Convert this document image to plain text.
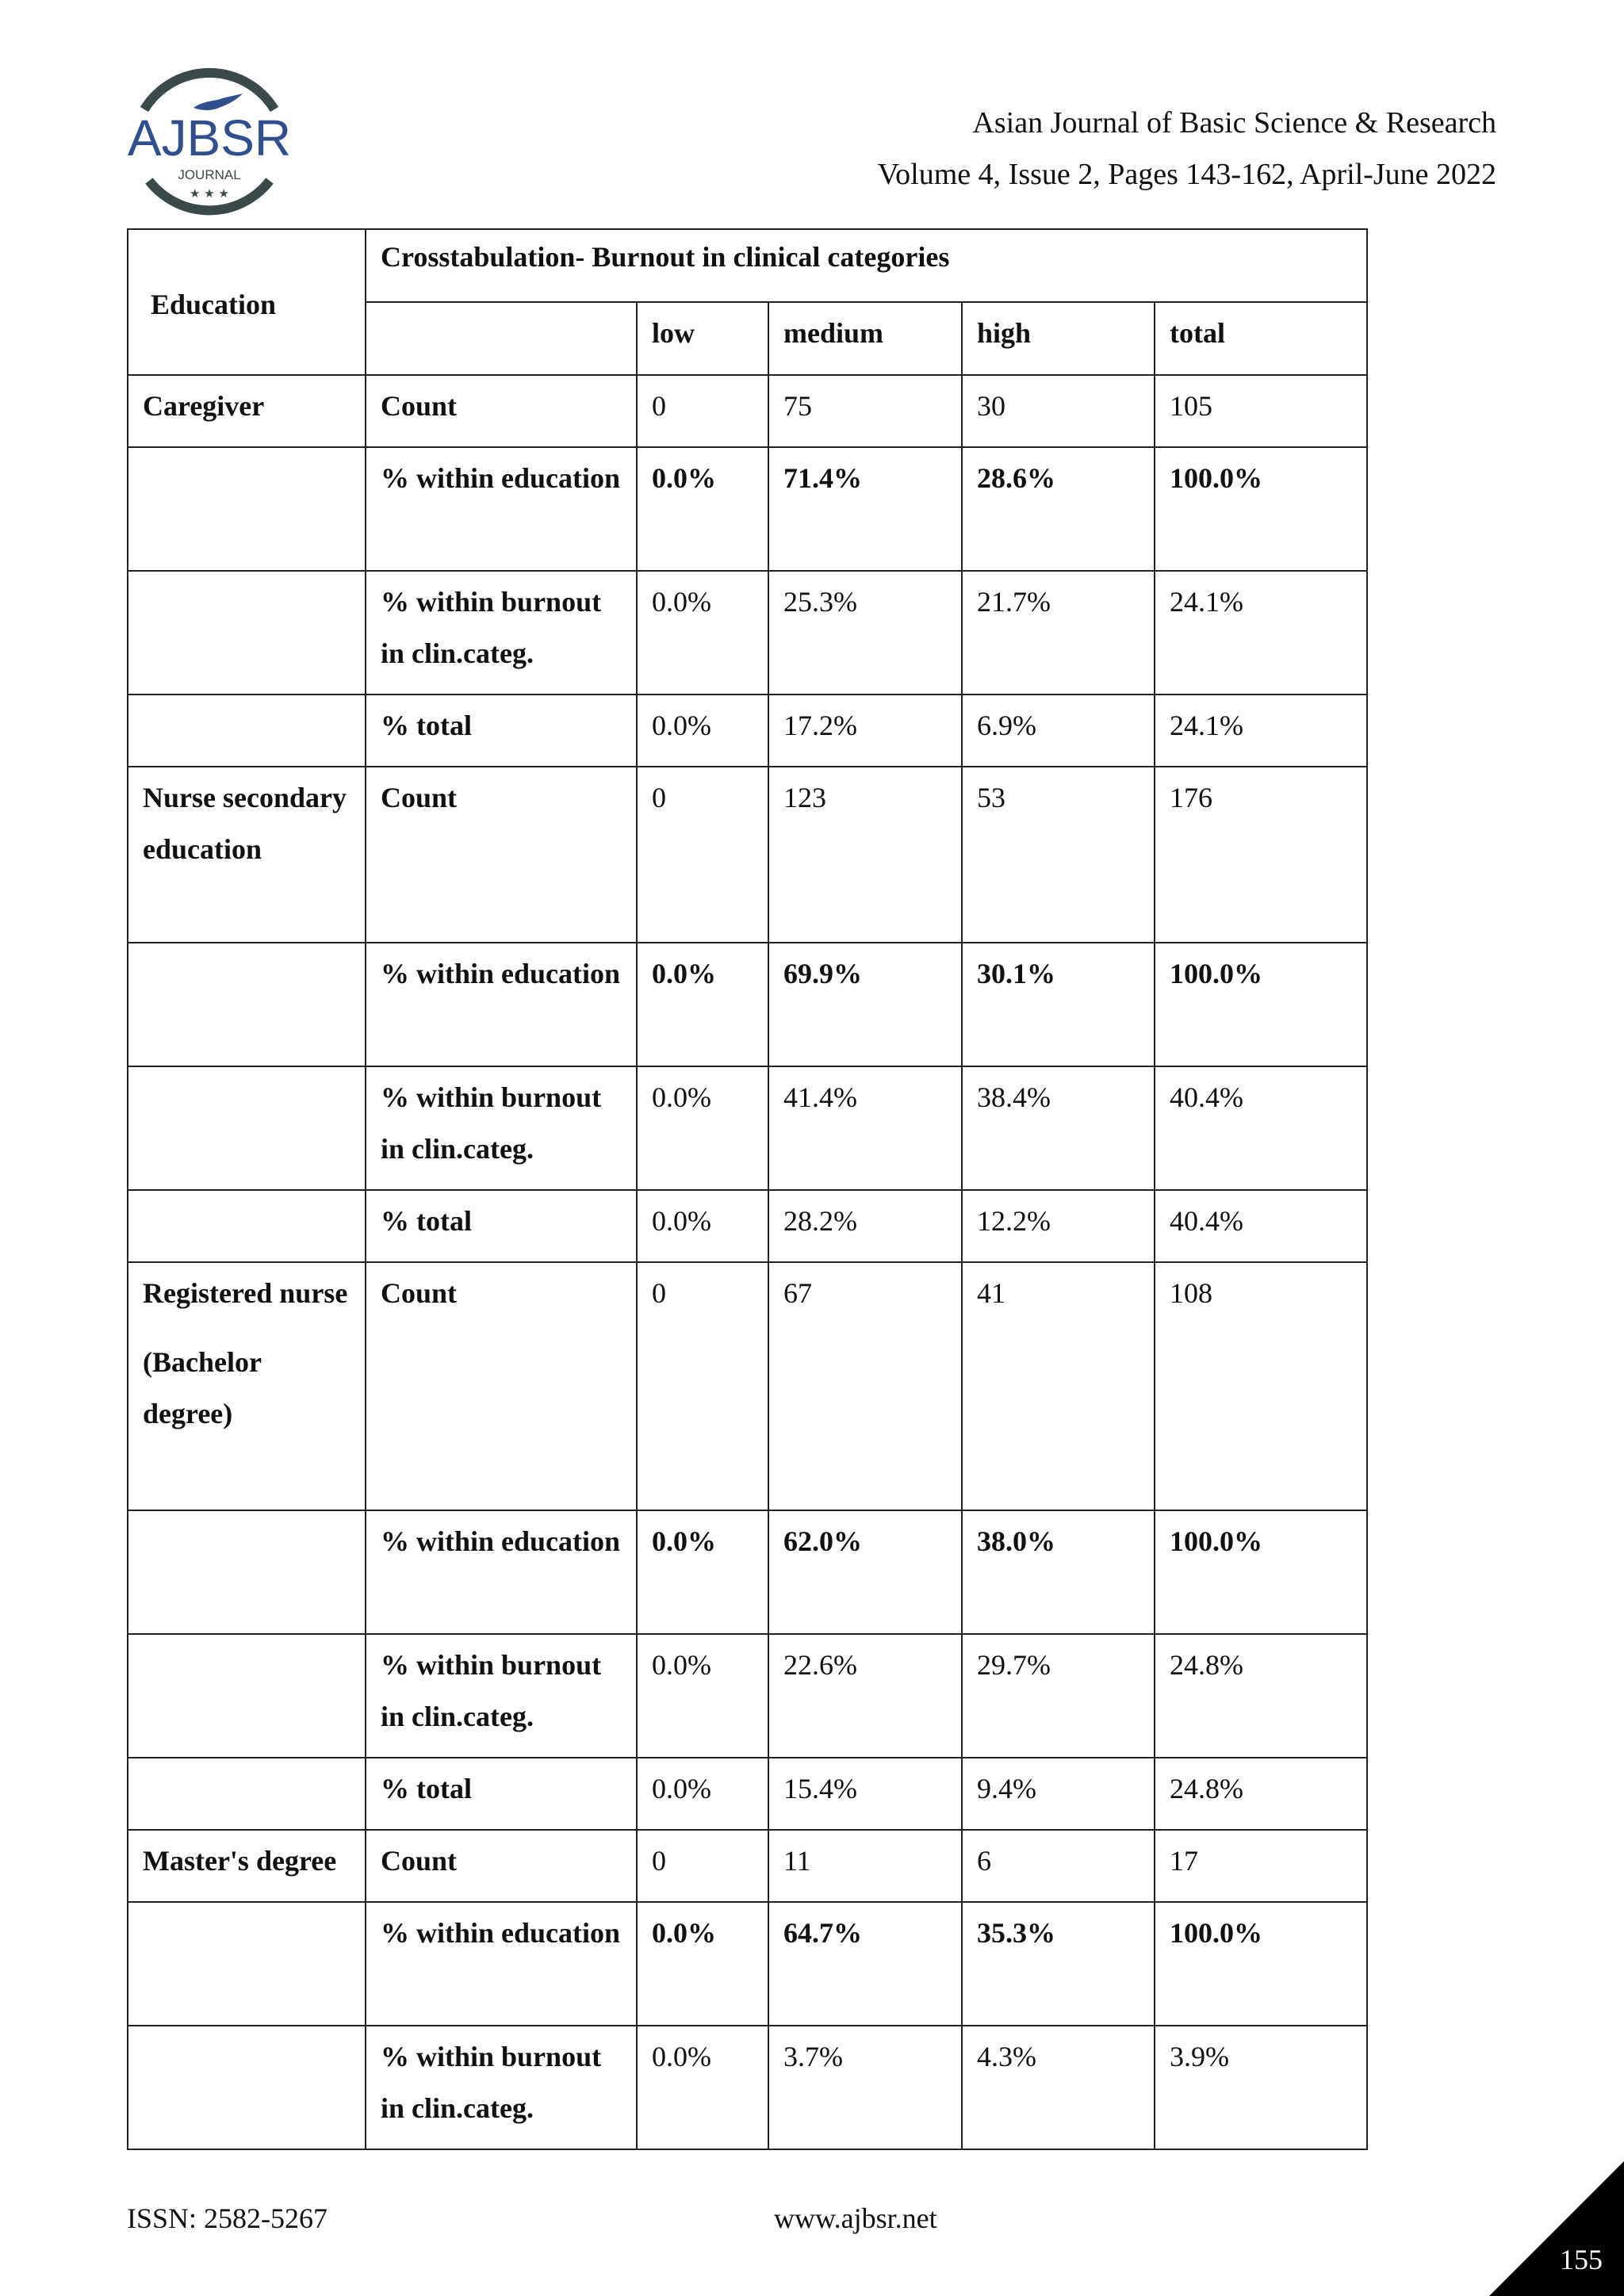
AJBSR
JOURNAL
★ ★ ★
Asian Journal of Basic Science & Research
Volume 4, Issue 2, Pages 143-162, April-June 2022
Education	Crosstabulation- Burnout in clinical categories				
		low	medium	high	total
Caregiver	Count	0	75	30	105
	% within education	0.0%	71.4%	28.6%	100.0%
	% within burnout in clin.categ.	0.0%	25.3%	21.7%	24.1%
	% total	0.0%	17.2%	6.9%	24.1%
Nurse secondary education	Count	0	123	53	176
	% within education	0.0%	69.9%	30.1%	100.0%
	% within burnout in clin.categ.	0.0%	41.4%	38.4%	40.4%
	% total	0.0%	28.2%	12.2%	40.4%

Registered nurse
(Bachelor degree)	Count	0	67	41	108
	% within education	0.0%	62.0%	38.0%	100.0%
	% within burnout in clin.categ.	0.0%	22.6%	29.7%	24.8%
	% total	0.0%	15.4%	9.4%	24.8%
Master's degree	Count	0	11	6	17
	% within education	0.0%	64.7%	35.3%	100.0%
	% within burnout in clin.categ.	0.0%	3.7%	4.3%	3.9%
ISSN: 2582-5267	www.ajbsr.net
155
